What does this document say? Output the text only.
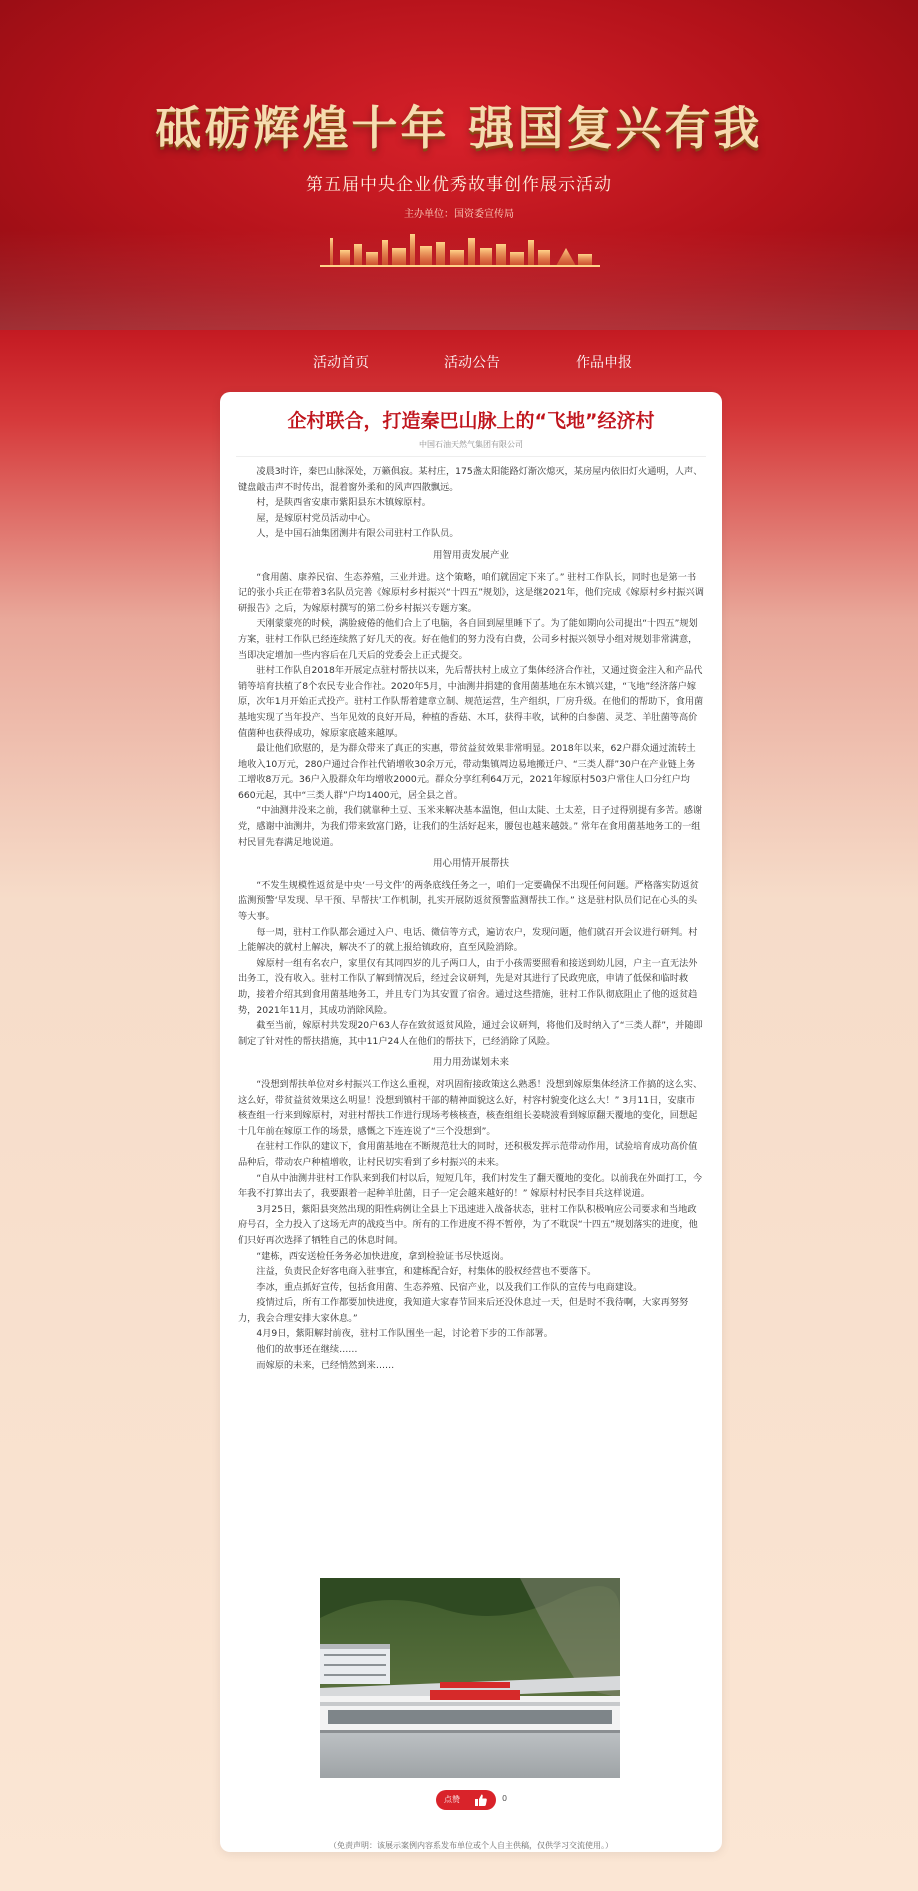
砥砺辉煌十年 强国复兴有我
第五届中央企业优秀故事创作展示活动
主办单位：国资委宣传局
活动首页	活动公告	作品申报
企村联合，打造秦巴山脉上的“飞地”经济村
中国石油天然气集团有限公司

凌晨3时许，秦巴山脉深处，万籁俱寂。某村庄，175盏太阳能路灯渐次熄灭，某房屋内依旧灯火通明，人声、键盘敲击声不时传出，混着窗外柔和的风声四散飘远。

村，是陕西省安康市紫阳县东木镇嫁原村。

屋，是嫁原村党员活动中心。

人，是中国石油集团测井有限公司驻村工作队员。

用智用责发展产业

“食用菌、康养民宿、生态养殖，三业并进。这个策略，咱们就固定下来了。” 驻村工作队长，同时也是第一书记的张小兵正在带着3名队员完善《嫁原村乡村振兴“十四五”规划》，这是继2021年，他们完成《嫁原村乡村振兴调研报告》之后，为嫁原村撰写的第二份乡村振兴专题方案。

天刚蒙蒙亮的时候，满脸疲倦的他们合上了电脑，各自回到屋里睡下了。为了能如期向公司提出“十四五”规划方案，驻村工作队已经连续熬了好几天的夜。好在他们的努力没有白费，公司乡村振兴领导小组对规划非常满意，当即决定增加一些内容后在几天后的党委会上正式提交。

驻村工作队自2018年开展定点驻村帮扶以来，先后帮扶村上成立了集体经济合作社，又通过资金注入和产品代销等培育扶植了8个农民专业合作社。2020年5月，中油测井捐建的食用菌基地在东木镇兴建，“飞地”经济落户嫁原，次年1月开始正式投产。驻村工作队帮着建章立制、规范运营，生产组织，厂房升级。在他们的帮助下，食用菌基地实现了当年投产、当年见效的良好开局，种植的香菇、木耳，获得丰收，试种的白参菌、灵芝、羊肚菌等高价值菌种也获得成功，嫁原家底越来越厚。

最让他们欣慰的，是为群众带来了真正的实惠，带贫益贫效果非常明显。2018年以来，62户群众通过流转土地收入10万元，280户通过合作社代销增收30余万元，带动集镇周边易地搬迁户、“三类人群”30户在产业链上务工增收8万元。36户入股群众年均增收2000元。群众分享红利64万元，2021年嫁原村503户常住人口分红户均660元起，其中“三类人群”户均1400元，居全县之首。

“中油测井没来之前，我们就靠种土豆、玉米来解决基本温饱，但山太陡、土太差，日子过得别提有多苦。感谢党，感谢中油测井，为我们带来致富门路，让我们的生活好起来，腰包也越来越鼓。” 常年在食用菌基地务工的一组村民冒先春满足地说道。

用心用情开展帮扶

“不发生规模性返贫是中央‘一号文件’的两条底线任务之一，咱们一定要确保不出现任何问题。严格落实防返贫监测预警‘早发现、早干预、早帮扶’工作机制，扎实开展防返贫预警监测帮扶工作。” 这是驻村队员们记在心头的头等大事。

每一周，驻村工作队都会通过入户、电话、微信等方式，遍访农户，发现问题，他们就召开会议进行研判。村上能解决的就村上解决，解决不了的就上报给镇政府，直至风险消除。

嫁原村一组有名农户，家里仅有其同四岁的儿子两口人，由于小孩需要照看和接送到幼儿园，户主一直无法外出务工，没有收入。驻村工作队了解到情况后，经过会议研判，先是对其进行了民政兜底，申请了低保和临时救助，接着介绍其到食用菌基地务工，并且专门为其安置了宿舍。通过这些措施，驻村工作队彻底阻止了他的返贫趋势，2021年11月，其成功消除风险。

截至当前，嫁原村共发现20户63人存在致贫返贫风险，通过会议研判，将他们及时纳入了“三类人群”，并随即制定了针对性的帮扶措施，其中11户24人在他们的帮扶下，已经消除了风险。

用力用劲谋划未来

“没想到帮扶单位对乡村振兴工作这么重视，对巩固衔接政策这么熟悉！没想到嫁原集体经济工作搞的这么实、这么好，带贫益贫效果这么明显！没想到镇村干部的精神面貌这么好，村容村貌变化这么大！” 3月11日，安康市核查组一行来到嫁原村，对驻村帮扶工作进行现场考核核查，核查组组长姜晓波看到嫁原翻天覆地的变化，回想起十几年前在嫁原工作的场景，感慨之下连连说了“三个没想到”。

在驻村工作队的建议下，食用菌基地在不断规范壮大的同时，还积极发挥示范带动作用，试验培育成功高价值品种后，带动农户种植增收，让村民切实看到了乡村振兴的未来。

“自从中油测井驻村工作队来到我们村以后，短短几年，我们村发生了翻天覆地的变化。以前我在外面打工，今年我不打算出去了，我要跟着一起种羊肚菌，日子一定会越来越好的！” 嫁原村村民李目兵这样说道。

3月25日，紫阳县突然出现的阳性病例让全县上下迅速进入战备状态，驻村工作队积极响应公司要求和当地政府号召，全力投入了这场无声的战疫当中。所有的工作进度不得不暂停，为了不耽误“十四五”规划落实的进度，他们只好再次选择了牺牲自己的休息时间。

“建栋，西安送检任务务必加快进度，拿到检验证书尽快返岗。

注益，负责民企好客电商入驻事宜，和建栋配合好，村集体的股权经营也不要落下。

李冰，重点抓好宣传，包括食用菌、生态养殖、民宿产业，以及我们工作队的宣传与电商建设。

疫情过后，所有工作都要加快进度，我知道大家春节回来后还没休息过一天，但是时不我待啊，大家再努努力，我会合理安排大家休息。”

4月9日，紫阳解封前夜，驻村工作队围坐一起，讨论着下步的工作部署。

他们的故事还在继续……

而嫁原的未来，已经悄然到来……

点赞	0
（免责声明：该展示案例内容系发布单位或个人自主供稿，仅供学习交流使用。）
